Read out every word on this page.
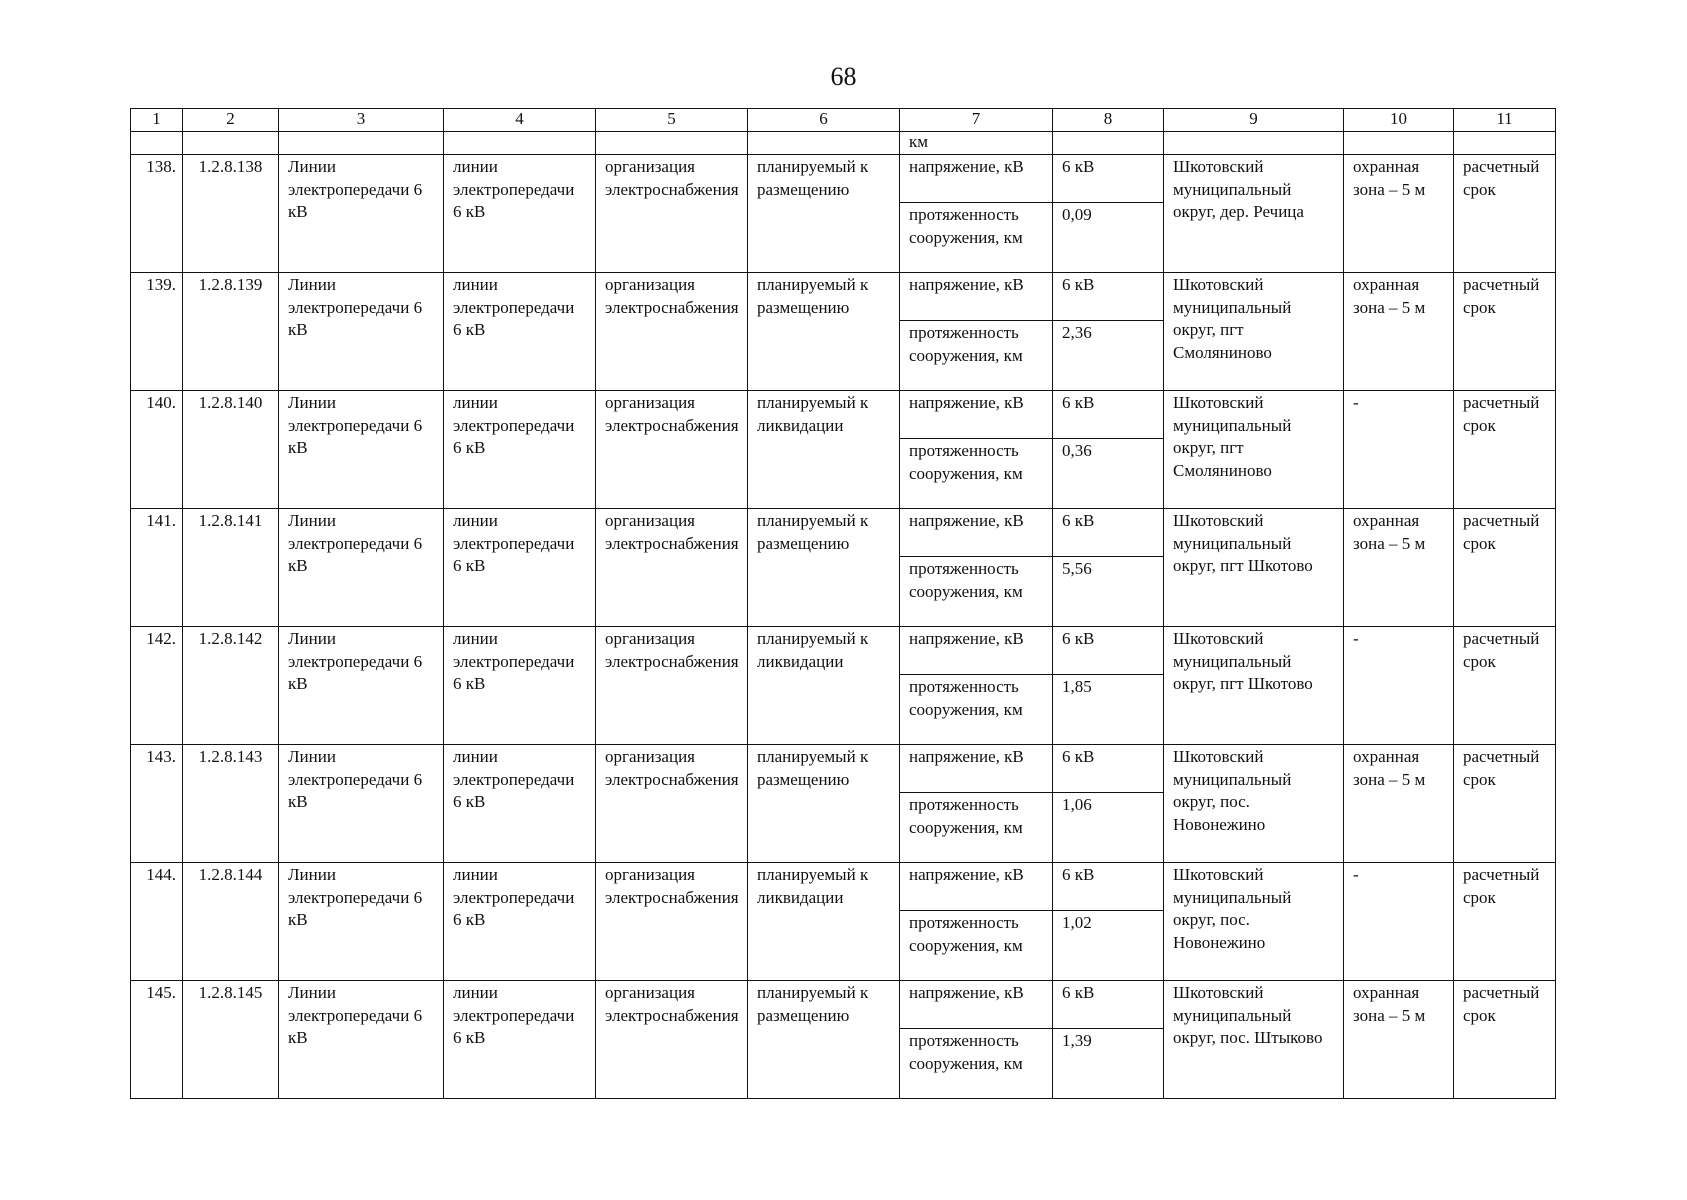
68
1	2	3	4	5	6	7	8	9	10	11
						км				
138.	1.2.8.138	Линии электропередачи 6 кВ	линии электропередачи 6 кВ	организация электроснабжения	планируемый к размещению	напряжение, кВ	6 кВ	Шкотовский муниципальный округ, дер. Речица	охранная зона – 5 м	расчетный срок
						протяженность сооружения, км	0,09			
139.	1.2.8.139	Линии электропередачи 6 кВ	линии электропередачи 6 кВ	организация электроснабжения	планируемый к размещению	напряжение, кВ	6 кВ	Шкотовский муниципальный округ, пгт Смоляниново	охранная зона – 5 м	расчетный срок
						протяженность сооружения, км	2,36			
140.	1.2.8.140	Линии электропередачи 6 кВ	линии электропередачи 6 кВ	организация электроснабжения	планируемый к ликвидации	напряжение, кВ	6 кВ	Шкотовский муниципальный округ, пгт Смоляниново	-	расчетный срок
						протяженность сооружения, км	0,36			
141.	1.2.8.141	Линии электропередачи 6 кВ	линии электропередачи 6 кВ	организация электроснабжения	планируемый к размещению	напряжение, кВ	6 кВ	Шкотовский муниципальный округ, пгт Шкотово	охранная зона – 5 м	расчетный срок
						протяженность сооружения, км	5,56			
142.	1.2.8.142	Линии электропередачи 6 кВ	линии электропередачи 6 кВ	организация электроснабжения	планируемый к ликвидации	напряжение, кВ	6 кВ	Шкотовский муниципальный округ, пгт Шкотово	-	расчетный срок
						протяженность сооружения, км	1,85			
143.	1.2.8.143	Линии электропередачи 6 кВ	линии электропередачи 6 кВ	организация электроснабжения	планируемый к размещению	напряжение, кВ	6 кВ	Шкотовский муниципальный округ, пос. Новонежино	охранная зона – 5 м	расчетный срок
						протяженность сооружения, км	1,06			
144.	1.2.8.144	Линии электропередачи 6 кВ	линии электропередачи 6 кВ	организация электроснабжения	планируемый к ликвидации	напряжение, кВ	6 кВ	Шкотовский муниципальный округ, пос. Новонежино	-	расчетный срок
						протяженность сооружения, км	1,02			
145.	1.2.8.145	Линии электропередачи 6 кВ	линии электропередачи 6 кВ	организация электроснабжения	планируемый к размещению	напряжение, кВ	6 кВ	Шкотовский муниципальный округ, пос. Штыково	охранная зона – 5 м	расчетный срок
						протяженность сооружения, км	1,39			
